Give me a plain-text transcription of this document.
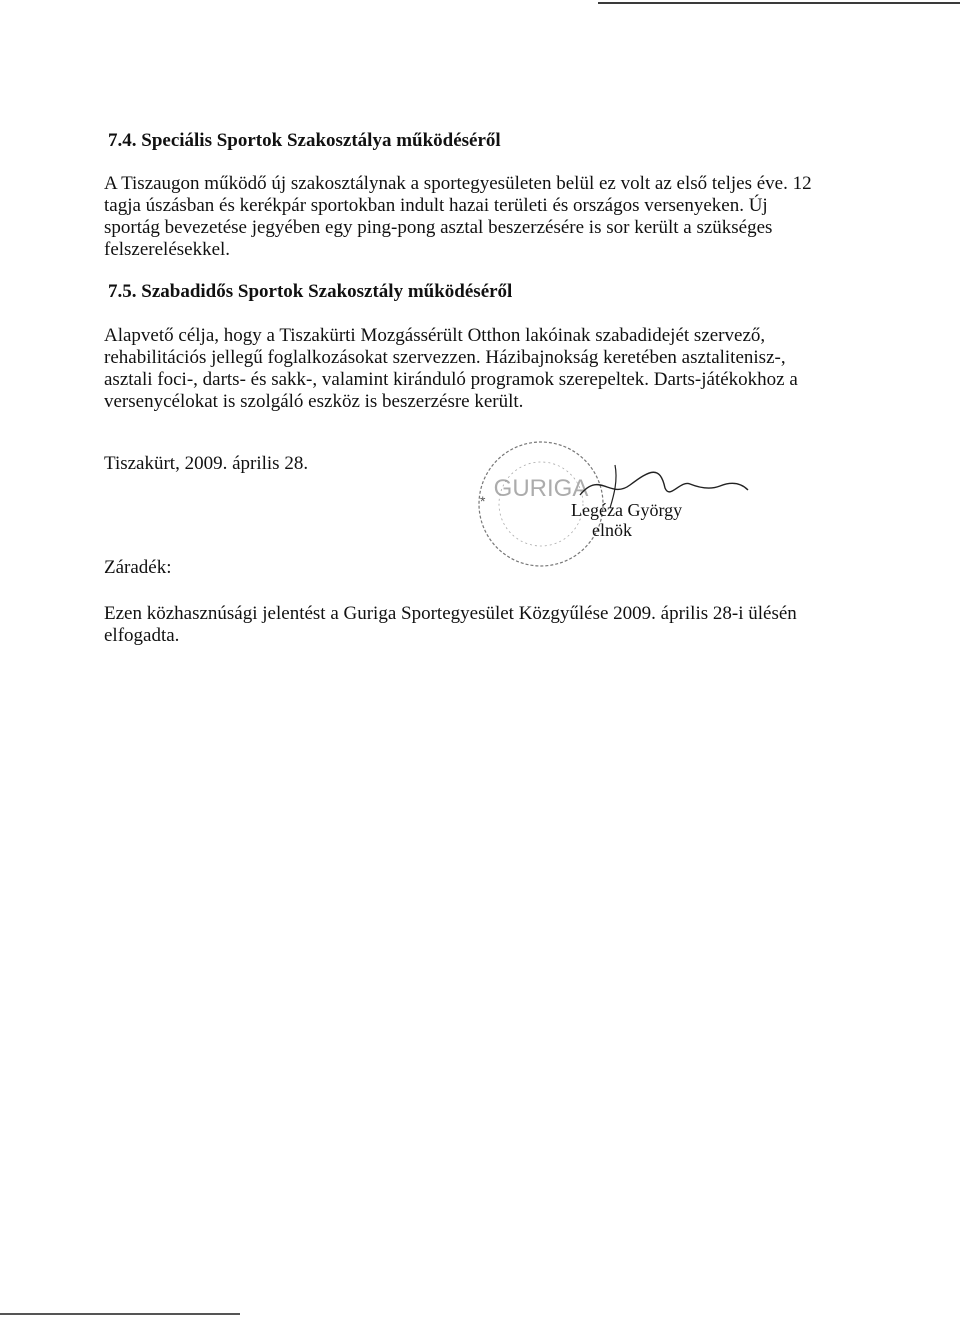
7.4. Speciális Sportok Szakosztálya működéséről

A Tiszaugon működő új szakosztálynak a sportegyesületen belül ez volt az első teljes éve. 12
tagja úszásban és kerékpár sportokban indult hazai területi és országos versenyeken. Új
sportág bevezetése jegyében egy ping-pong asztal beszerzésére is sor került a szükséges
felszerelésekkel.

7.5. Szabadidős Sportok Szakosztály működéséről

Alapvető célja, hogy a Tiszakürti Mozgássérült Otthon lakóinak szabadidejét szervező,
rehabilitációs jellegű foglalkozásokat szervezzen. Házibajnokság keretében asztalitenisz-,
asztali foci-, darts- és sakk-, valamint kiránduló programok szerepeltek. Darts-játékokhoz a
versenycélokat is szolgáló eszköz is beszerzésre került.

Tiszakürt, 2009. április 28.
GURIGA
*	Legéza György
elnök
Záradék:

Ezen közhasznúsági jelentést a Guriga Sportegyesület Közgyűlése 2009. április 28-i ülésén
elfogadta.
